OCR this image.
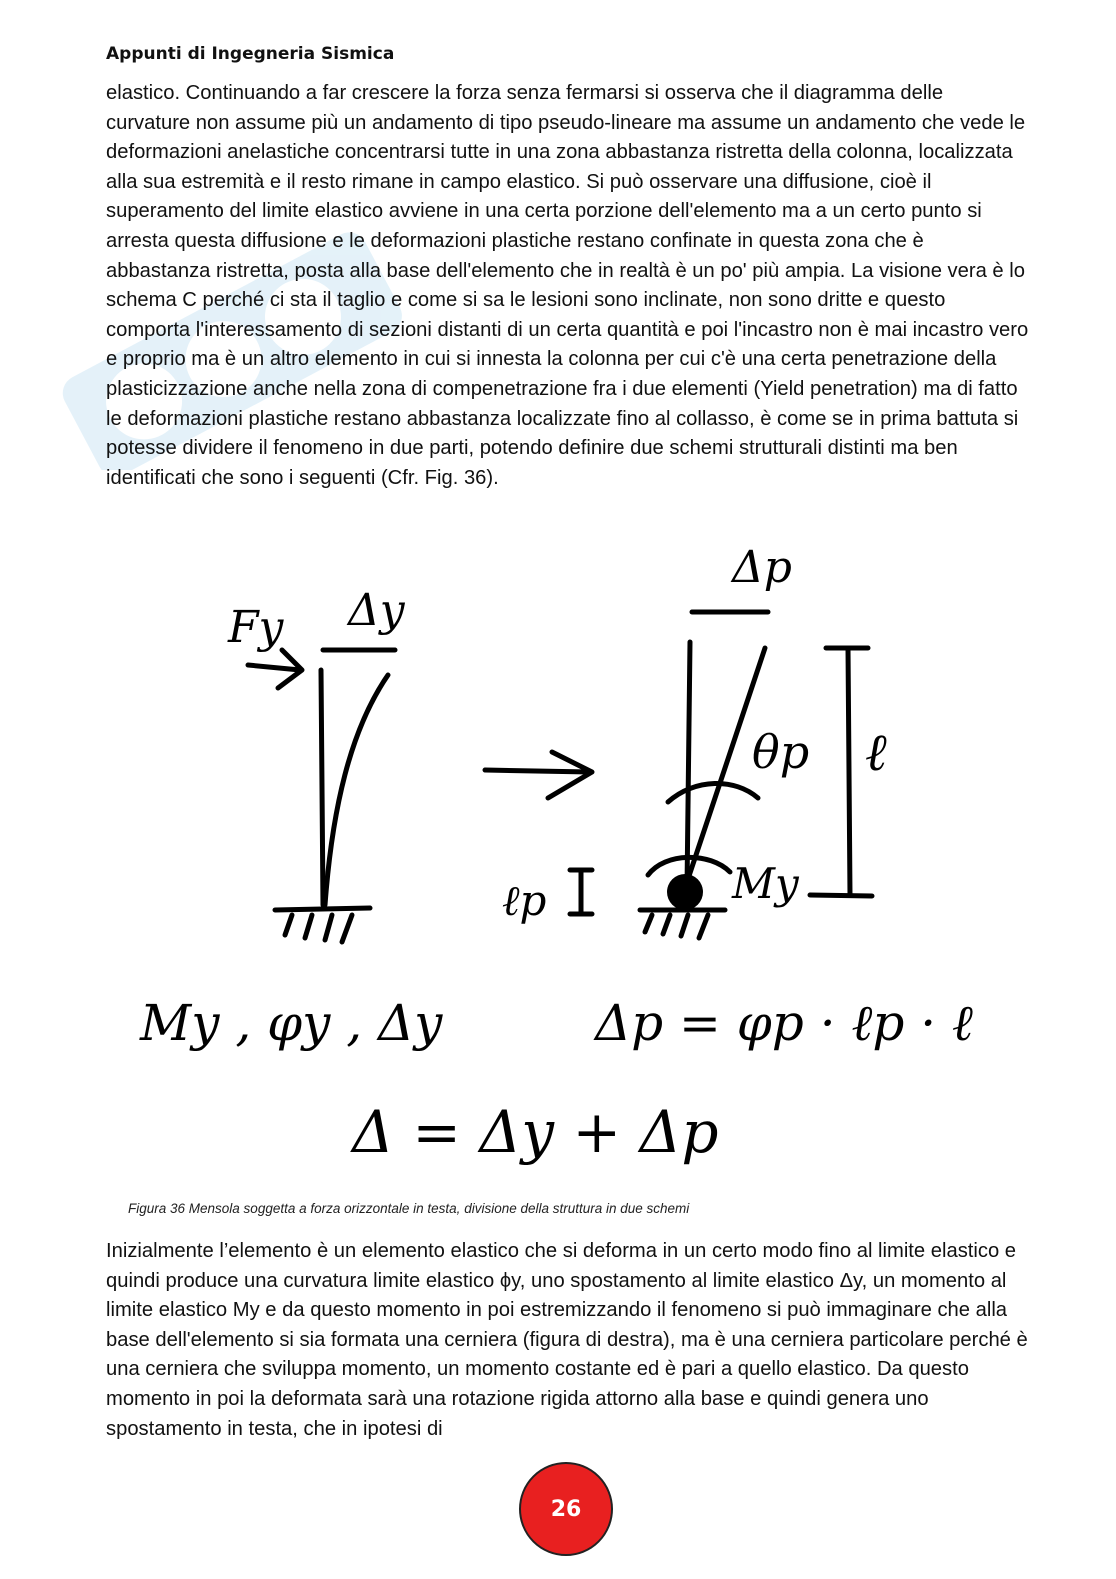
Appunti di Ingegneria Sismica

elastico. Continuando a far crescere la forza senza fermarsi si osserva che il diagramma delle curvature non assume più un andamento di tipo pseudo-lineare ma assume un andamento che vede le deformazioni anelastiche concentrarsi tutte in una zona abbastanza ristretta della colonna, localizzata alla sua estremità e il resto rimane in campo elastico. Si può osservare una diffusione, cioè il superamento del limite elastico avviene in una certa porzione dell'elemento ma a un certo punto si arresta questa diffusione e le deformazioni plastiche restano confinate in questa zona che è abbastanza ristretta, posta alla base dell'elemento che in realtà è un po' più ampia. La visione vera è lo schema C perché ci sta il taglio e come si sa le lesioni sono inclinate, non sono dritte e questo comporta l'interessamento di sezioni distanti di un certa quantità e poi l'incastro non è mai incastro vero e proprio ma è un altro elemento in cui si innesta la colonna per cui c'è una certa penetrazione della plasticizzazione anche nella zona di compenetrazione fra i due elementi (Yield penetration) ma di fatto le deformazioni plastiche restano abbastanza localizzate fino al collasso, è come se in prima battuta si potesse dividere il fenomeno in due parti, potendo definire due schemi strutturali distinti ma ben identificati che sono i seguenti (Cfr. Fig. 36).

Fy Δy
Δp
θp ℓ
ℓp	My
My , φy , Δy	Δp = φp · ℓp · ℓ
Δ = Δy + Δp
Figura 36 Mensola soggetta a forza orizzontale in testa, divisione della struttura in due schemi

Inizialmente l’elemento è un elemento elastico che si deforma in un certo modo fino al limite elastico e quindi produce una curvatura limite elastico ϕy, uno spostamento al limite elastico Δy, un momento al limite elastico My e da questo momento in poi estremizzando il fenomeno si può immaginare che alla base dell'elemento si sia formata una cerniera (figura di destra), ma è una cerniera particolare perché è una cerniera che sviluppa momento, un momento costante ed è pari a quello elastico. Da questo momento in poi la deformata sarà una rotazione rigida attorno alla base e quindi genera uno spostamento in testa, che in ipotesi di

26
